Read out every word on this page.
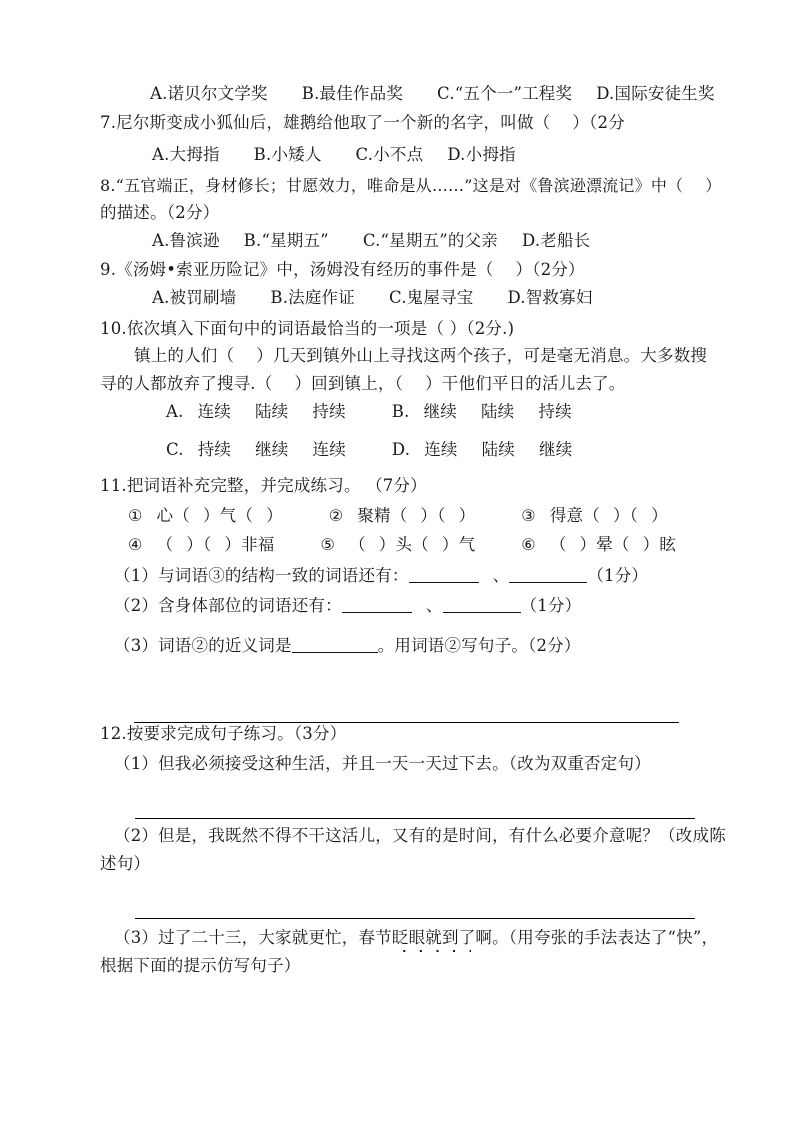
A.诺贝尔文学奖 B.最佳作品奖 C.“五个一”工程奖 D.国际安徒生奖
7.尼尔斯变成小狐仙后，雄鹅给他取了一个新的名字，叫做（ ）（2分
A.大拇指 B.小矮人 C.小不点 D.小拇指
8.“五官端正，身材修长；甘愿效力，唯命是从……”这是对《鲁滨逊漂流记》中（ ）
的描述。（2分）
A.鲁滨逊 B.“星期五” C.“星期五”的父亲 D.老船长
9.《汤姆•索亚历险记》中，汤姆没有经历的事件是（ ）（2分）
A.被罚刷墙 B.法庭作证 C.鬼屋寻宝 D.智救寡妇
10.依次填入下面句中的词语最恰当的一项是（ ）（2分.)
镇上的人们（ ）几天到镇外山上寻找这两个孩子，可是毫无消息。大多数搜
寻的人都放弃了搜寻.（ ）回到镇上，（ ）干他们平日的活儿去了。
A. 连续 陆续 持续	B. 继续 陆续 持续
C. 持续 继续 连续	D. 连续 陆续 继续
11.把词语补充完整，并完成练习。 （7分）
① 心（ ）气（ ）	② 聚精（ ）（ ）	③ 得意（ ）（ ）
④ （ ）（ ）非福	⑤ （ ）头（ ）气	⑥ （ ）晕（ ）眩
（1）与词语③的结构一致的词语还有：	、	（1分）
（2）含身体部位的词语还有：	、	（1分）
（3）词语②的近义词是	。用词语②写句子。（2分）
12.按要求完成句子练习。（3分）
（1）但我必须接受这种生活，并且一天一天过下去。（改为双重否定句）
（2）但是，我既然不得不干这活儿，又有的是时间，有什么必要介意呢？（改成陈
述句）
（3）过了二十三，大家就更忙，春节眨眼就到了啊。（用夸张的手法表达了“快”，
根据下面的提示仿写句子）
